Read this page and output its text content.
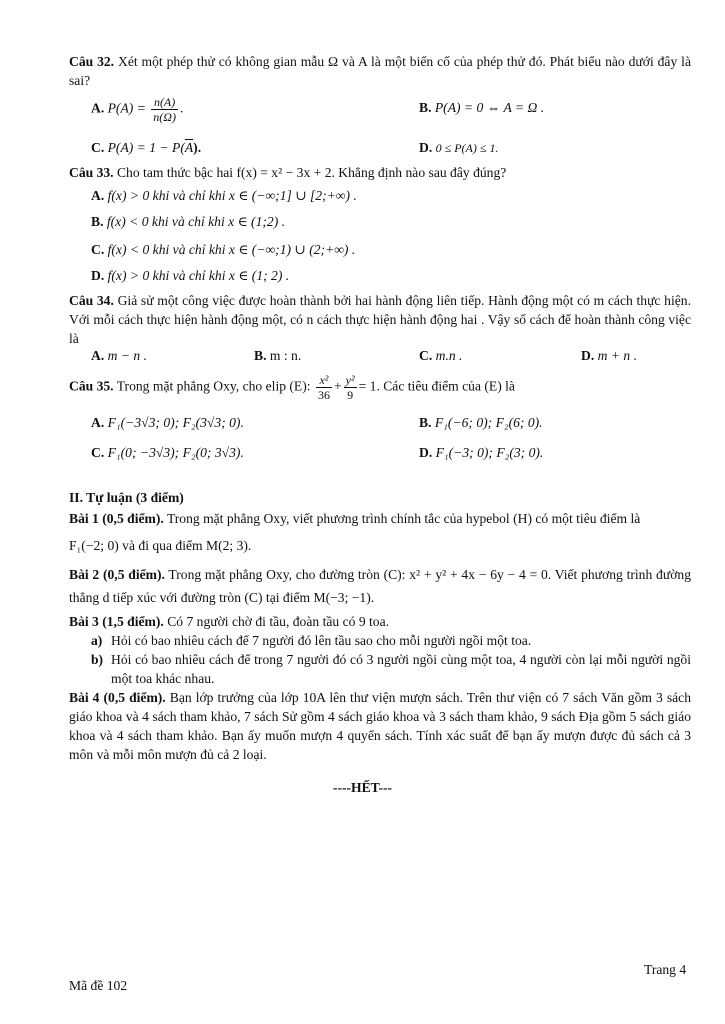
Câu 32. Xét một phép thử có không gian mẫu Ω và A là một biến cố của phép thử đó. Phát biểu nào dưới đây là sai?
A. $P(A) = \frac{n(A)}{n(\Omega)}$ .	B. P(A) = 0 ⇔ A = Ω .
C. $P(A) = 1 - P(\overline{A})$.	D. 0 ≤ P(A) ≤ 1.
Câu 33. Cho tam thức bậc hai f(x) = x² − 3x + 2. Khẳng định nào sau đây đúng?
A. f(x) > 0 khi và chỉ khi x ∈ (−∞;1] ∪ [2;+∞) .
B. f(x) < 0 khi và chỉ khi x ∈ (1;2) .
C. f(x) < 0 khi và chỉ khi x ∈ (−∞;1) ∪ (2;+∞) .
D. f(x) > 0 khi và chỉ khi x ∈ (1; 2) .
Câu 34. Giả sử một công việc được hoàn thành bởi hai hành động liên tiếp. Hành động một có m cách thực hiện. Với mỗi cách thực hiện hành động một, có n cách thực hiện hành động hai . Vậy số cách để hoàn thành công việc là
A. m − n .	B. m : n.	C. m.n .	D. m + n .
Câu 35. Trong mặt phẳng Oxy, cho elip (E): $\frac{\text{x²}}{36} + \frac{\text{y²}}{9} = 1$. Các tiêu điểm của (E) là
A. F₁(−3√3; 0); F₂(3√3; 0).	B. F₁(−6; 0); F₂(6; 0).
C. F₁(0; −3√3); F₂(0; 3√3).	D. F₁(−3; 0); F₂(3; 0).
II. Tự luận (3 điểm)
Bài 1 (0,5 điểm). Trong mặt phẳng Oxy, viết phương trình chính tắc của hypebol (H) có một tiêu điểm là
F₁(−2; 0) và đi qua điểm M(2; 3).
Bài 2 (0,5 điểm). Trong mặt phẳng Oxy, cho đường tròn (C): x² + y² + 4x − 6y − 4 = 0. Viết phương trình đường thẳng d tiếp xúc với đường tròn (C) tại điểm M(−3; −1).
Bài 3 (1,5 điểm). Có 7 người chờ đi tầu, đoàn tầu có 9 toa.
a) Hỏi có bao nhiêu cách để 7 người đó lên tầu sao cho mỗi người ngồi một toa.
b) Hỏi có bao nhiêu cách để trong 7 người đó có 3 người ngồi cùng một toa, 4 người còn lại mỗi người ngồi một toa khác nhau.
Bài 4 (0,5 điểm). Bạn lớp trưởng của lớp 10A lên thư viện mượn sách. Trên thư viện có 7 sách Văn gồm 3 sách giáo khoa và 4 sách tham khảo, 7 sách Sử gồm 4 sách giáo khoa và 3 sách tham khảo, 9 sách Địa gồm 5 sách giáo khoa và 4 sách tham khảo. Bạn ấy muốn mượn 4 quyển sách. Tính xác suất để bạn ấy mượn được đủ sách cả 3 môn và mỗi môn mượn đủ cả 2 loại.
----HẾT---
Trang 4
Mã đề 102
